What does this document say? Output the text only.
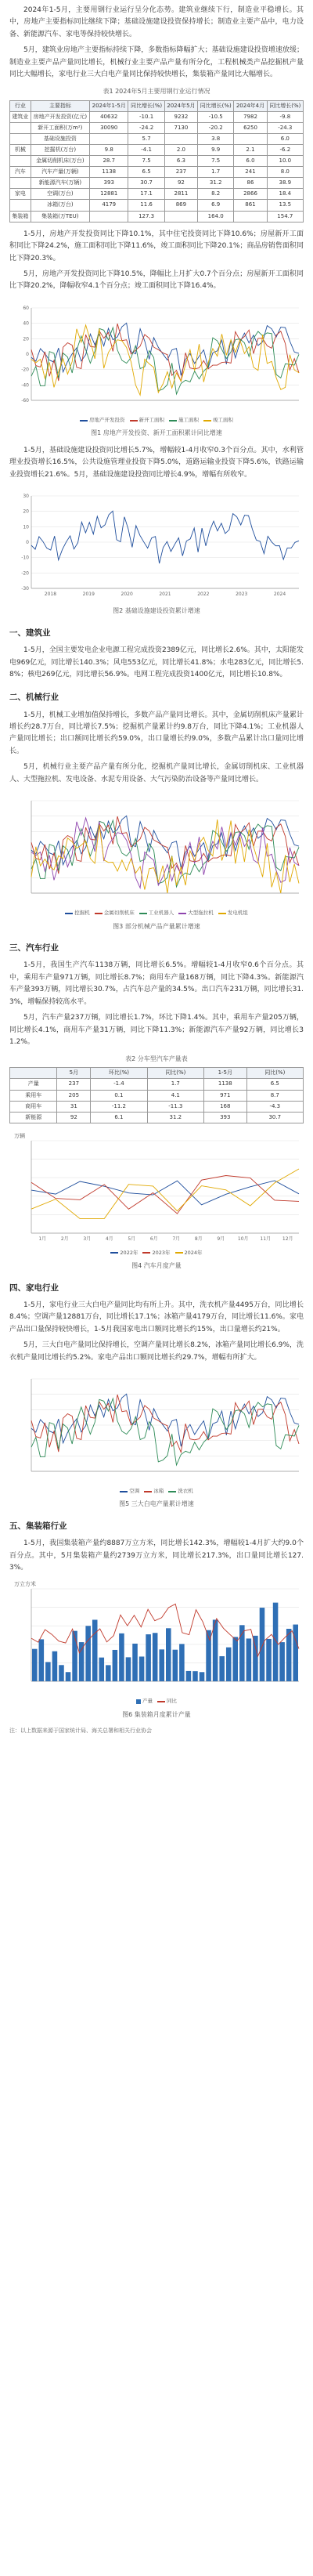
2024年1-5月，主要用钢行业运行呈分化态势。建筑业继续下行，制造业平稳增长。其中，房地产主要指标同比继续下降；基础设施建设投资保持增长；制造业主要产品中，电力设备、新能源汽车、家电等保持较快增长。

5月，建筑业房地产主要指标持续下降，多数指标降幅扩大；基础设施建设投资增速放缓；制造业主要产品产量同比增长，机械行业主要产品产量有所分化，工程机械类产品挖掘机产量同比大幅增长，家电行业三大白电产量同比保持较快增长，集装箱产量同比大幅增长。

表1 2024年5月主要用钢行业运行情况
行业	主要指标	2024年1-5月	同比增长(%)	2024年5月	同比增长(%)	2024年4月	同比增长(%)
建筑业	房地产开发投资(亿元)	40632	-10.1	9232	-10.5	7982	-9.8
	新开工面积(万m²)	30090	-24.2	7130	-20.2	6250	-24.3
	基础设施投资		5.7		3.8		6.0
机械	挖掘机(万台)	9.8	-4.1	2.0	9.9	2.1	-6.2
	金属切削机床(万台)	28.7	7.5	6.3	7.5	6.0	10.0
汽车	汽车产量(万辆)	1138	6.5	237	1.7	241	8.0
	新能源汽车(万辆)	393	30.7	92	31.2	86	38.9
家电	空调(万台)	12881	17.1	2811	8.2	2866	18.4
	冰箱(万台)	4179	11.6	869	6.9	861	13.5
集装箱	集装箱(万TEU)		127.3		164.0		154.7

1-5月，房地产开发投资同比下降10.1%，其中住宅投资同比下降10.6%；房屋新开工面积同比下降24.2%，施工面积同比下降11.6%，竣工面积同比下降20.1%；商品房销售面积同比下降20.3%。

5月，房地产开发投资同比下降10.5%，降幅比上月扩大0.7个百分点；房屋新开工面积同比下降20.2%，降幅收窄4.1个百分点；竣工面积同比下降16.4%。

60
40
20
0
-20
-40
-60
房地产开发投资	新开工面积	施工面积	竣工面积
图1 房地产开发投资、新开工面积累计同比增速

1-5月，基础设施建设投资同比增长5.7%，增幅较1-4月收窄0.3个百分点。其中，水利管理业投资增长16.5%，公共设施管理业投资下降5.0%，道路运输业投资下降5.6%，铁路运输业投资增长21.6%。5月，基础设施建设投资同比增长4.9%，增幅有所收窄。

30
20
10
0
-10
-20
-30
2018	2019	2020	2021	2022	2023	2024
图2 基础设施建设投资累计增速
一、建筑业

1-5月，全国主要发电企业电源工程完成投资2389亿元，同比增长2.6%。其中，太阳能发电969亿元，同比增长140.3%；风电553亿元，同比增长41.8%；水电283亿元，同比增长5.8%；核电269亿元，同比增长56.9%。电网工程完成投资1400亿元，同比增长10.8%。

二、机械行业

1-5月，机械工业增加值保持增长，多数产品产量同比增长。其中，金属切削机床产量累计增长约28.7万台，同比增长7.5%；挖掘机产量累计约9.8万台，同比下降4.1%；工业机器人产量同比增长；出口额同比增长约59.0%，出口量增长约9.0%，多数产品累计出口量同比增长。

5月，机械行业主要产品产量有所分化，挖掘机产量同比增长，金属切削机床、工业机器人、大型拖拉机、发电设备、水泥专用设备、大气污染防治设备等产量同比增长。

挖掘机	金属切削机床	工业机器人	大型拖拉机	发电机组
图3 部分机械产品产量累计增速
三、汽车行业

1-5月，我国生产汽车1138万辆，同比增长6.5%。增幅较1-4月收窄0.6个百分点。其中，乘用车产量971万辆，同比增长8.7%；商用车产量168万辆，同比下降4.3%。新能源汽车产量393万辆，同比增长30.7%，占汽车总产量的34.5%。出口汽车231万辆，同比增长31.3%，增幅保持较高水平。

5月，汽车产量237万辆，同比增长1.7%，环比下降1.4%。其中，乘用车产量205万辆，同比增长4.1%，商用车产量31万辆，同比下降11.3%；新能源汽车产量92万辆，同比增长31.2%。

表2 分车型汽车产量表
	5月	环比(%)	同比(%)	1-5月	同比(%)
产量	237	-1.4	1.7	1138	6.5
乘用车	205	0.1	4.1	971	8.7
商用车	31	-11.2	-11.3	168	-4.3
新能源	92	6.1	31.2	393	30.7
万辆
1月	2月	3月	4月	5月	6月	7月	8月	9月	10月 11月 12月
2022年	2023年	2024年
图4 汽车月度产量
四、家电行业

1-5月，家电行业三大白电产量同比均有所上升。其中，洗衣机产量4495万台，同比增长8.4%；空调产量12881万台，同比增长17.1%；冰箱产量4179万台，同比增长11.6%。家电产品出口量保持较快增长，1-5月我国家电出口额同比增长约15%，出口量增长约21%。

5月，三大白电产量同比保持增长，空调产量同比增长8.2%，冰箱产量同比增长6.9%，洗衣机产量同比增长约5.2%。家电产品出口额同比增长约29.7%，增幅有所扩大。

空调	冰箱	洗衣机
图5 三大白电产量累计增速
五、集装箱行业

1-5月，我国集装箱产量约8887万立方米，同比增长142.3%，增幅较1-4月扩大约9.0个百分点。其中，5月集装箱产量约2739万立方米，同比增长217.3%，出口量同比增长127.3%。

万立方米
产量	同比
图6 集装箱月度累计产量
注：以上数据来源于国家统计局、海关总署和相关行业协会
